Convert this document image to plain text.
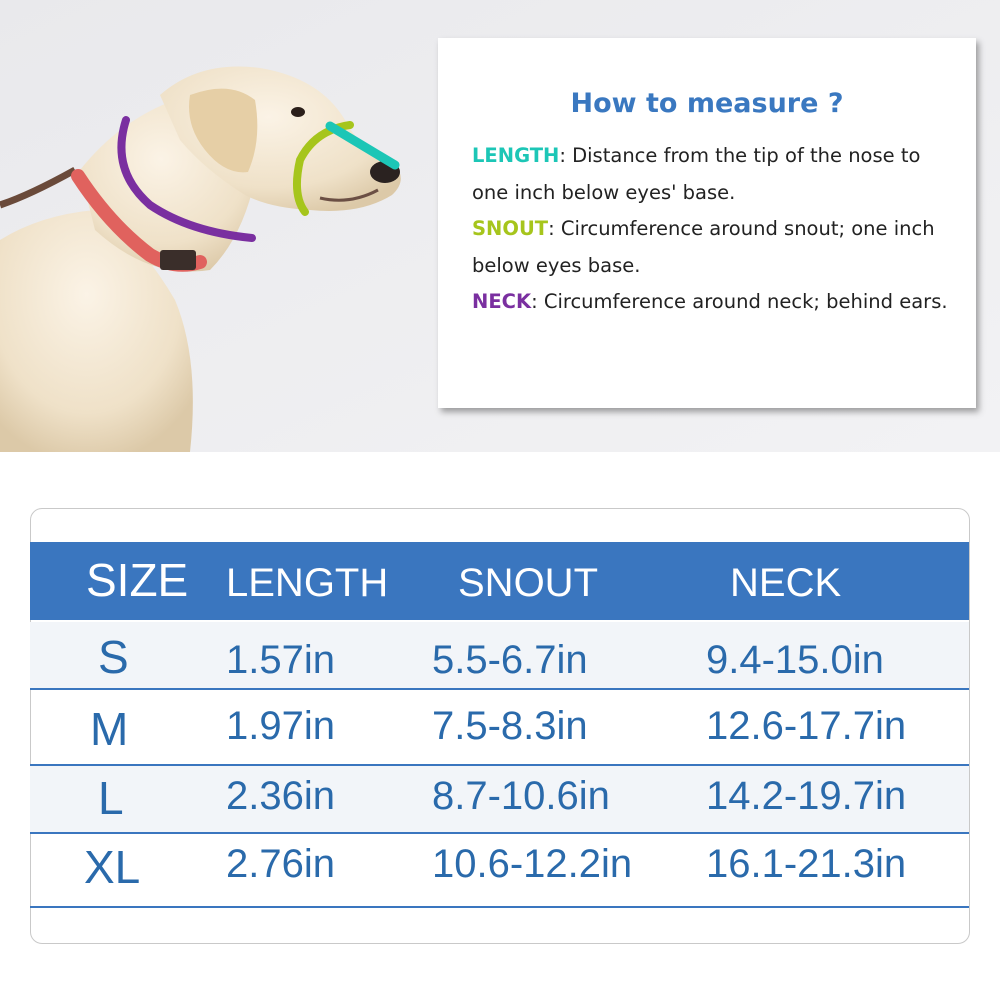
How to measure ?

LENGTH: Distance from the tip of the nose to one inch below eyes' base.
SNOUT: Circumference around snout; one inch below eyes base.
NECK: Circumference around neck; behind ears.

SIZE LENGTH SNOUT	NECK
S 1.57in 5.5-6.7in	9.4-15.0in
M 1.97in 7.5-8.3in	12.6-17.7in
L	2.36in 8.7-10.6in 14.2-19.7in
XL 2.76in 10.6-12.2in 16.1-21.3in
